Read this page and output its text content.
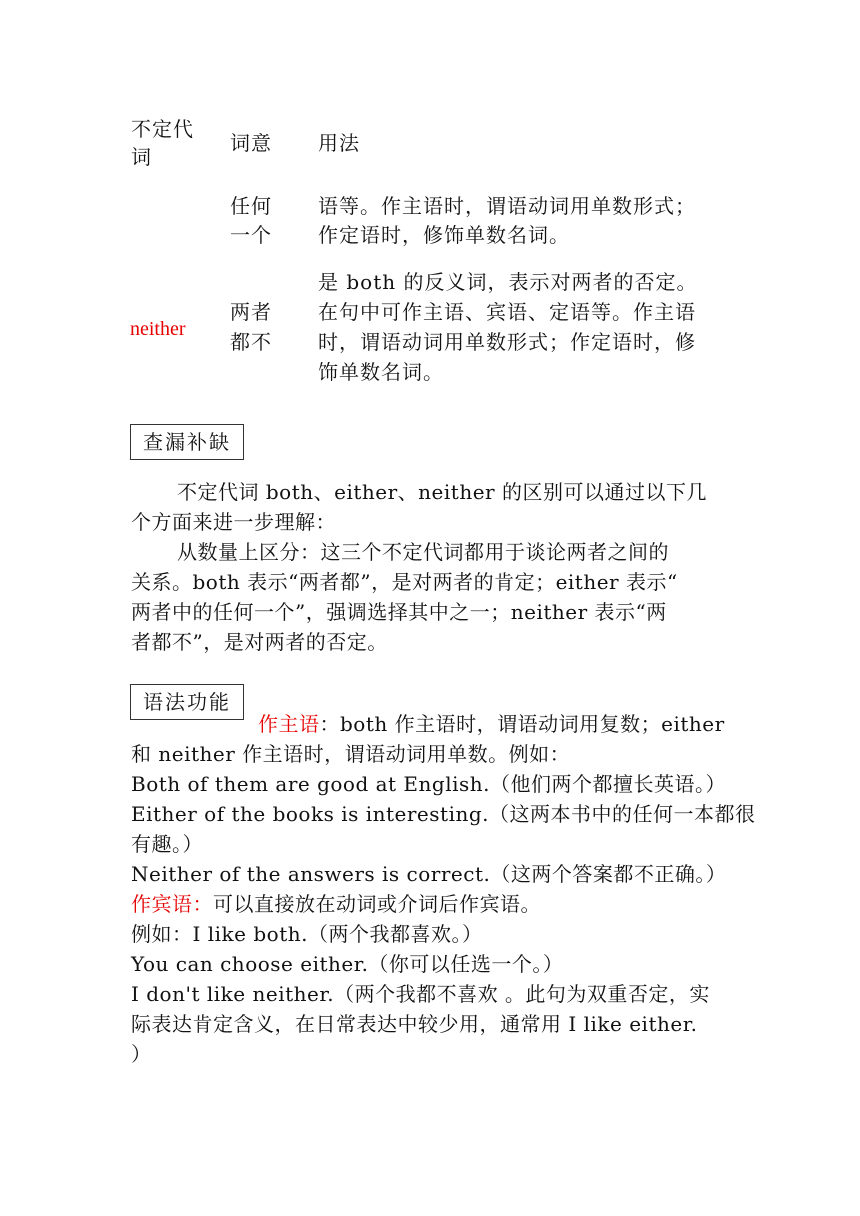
不定代
词
词意 用法
任何
一个
语等。作主语时，谓语动词用单数形式；
作定语时，修饰单数名词。
neither
两者
都不
是 both 的反义词，表示对两者的否定。
在句中可作主语、宾语、定语等。作主语
时，谓语动词用单数形式；作定语时，修
饰单数名词。
查漏补缺
不定代词 both、either、neither 的区别可以通过以下几
个方面来进一步理解：
从数量上区分：这三个不定代词都用于谈论两者之间的
关系。both 表示“两者都”，是对两者的肯定；either 表示“
两者中的任何一个”，强调选择其中之一；neither 表示“两
者都不”，是对两者的否定。
语法功能
作主语：both 作主语时，谓语动词用复数；either
和 neither 作主语时，谓语动词用单数。例如：
Both of them are good at English.（他们两个都擅长英语。）
Either of the books is interesting.（这两本书中的任何一本都很
有趣。）
Neither of the answers is correct.（这两个答案都不正确。）
作宾语：可以直接放在动词或介词后作宾语。
例如：I like both.（两个我都喜欢。）
You can choose either.（你可以任选一个。）
I don't like neither.（两个我都不喜欢 。此句为双重否定，实
际表达肯定含义，在日常表达中较少用，通常用 I like either.
）
